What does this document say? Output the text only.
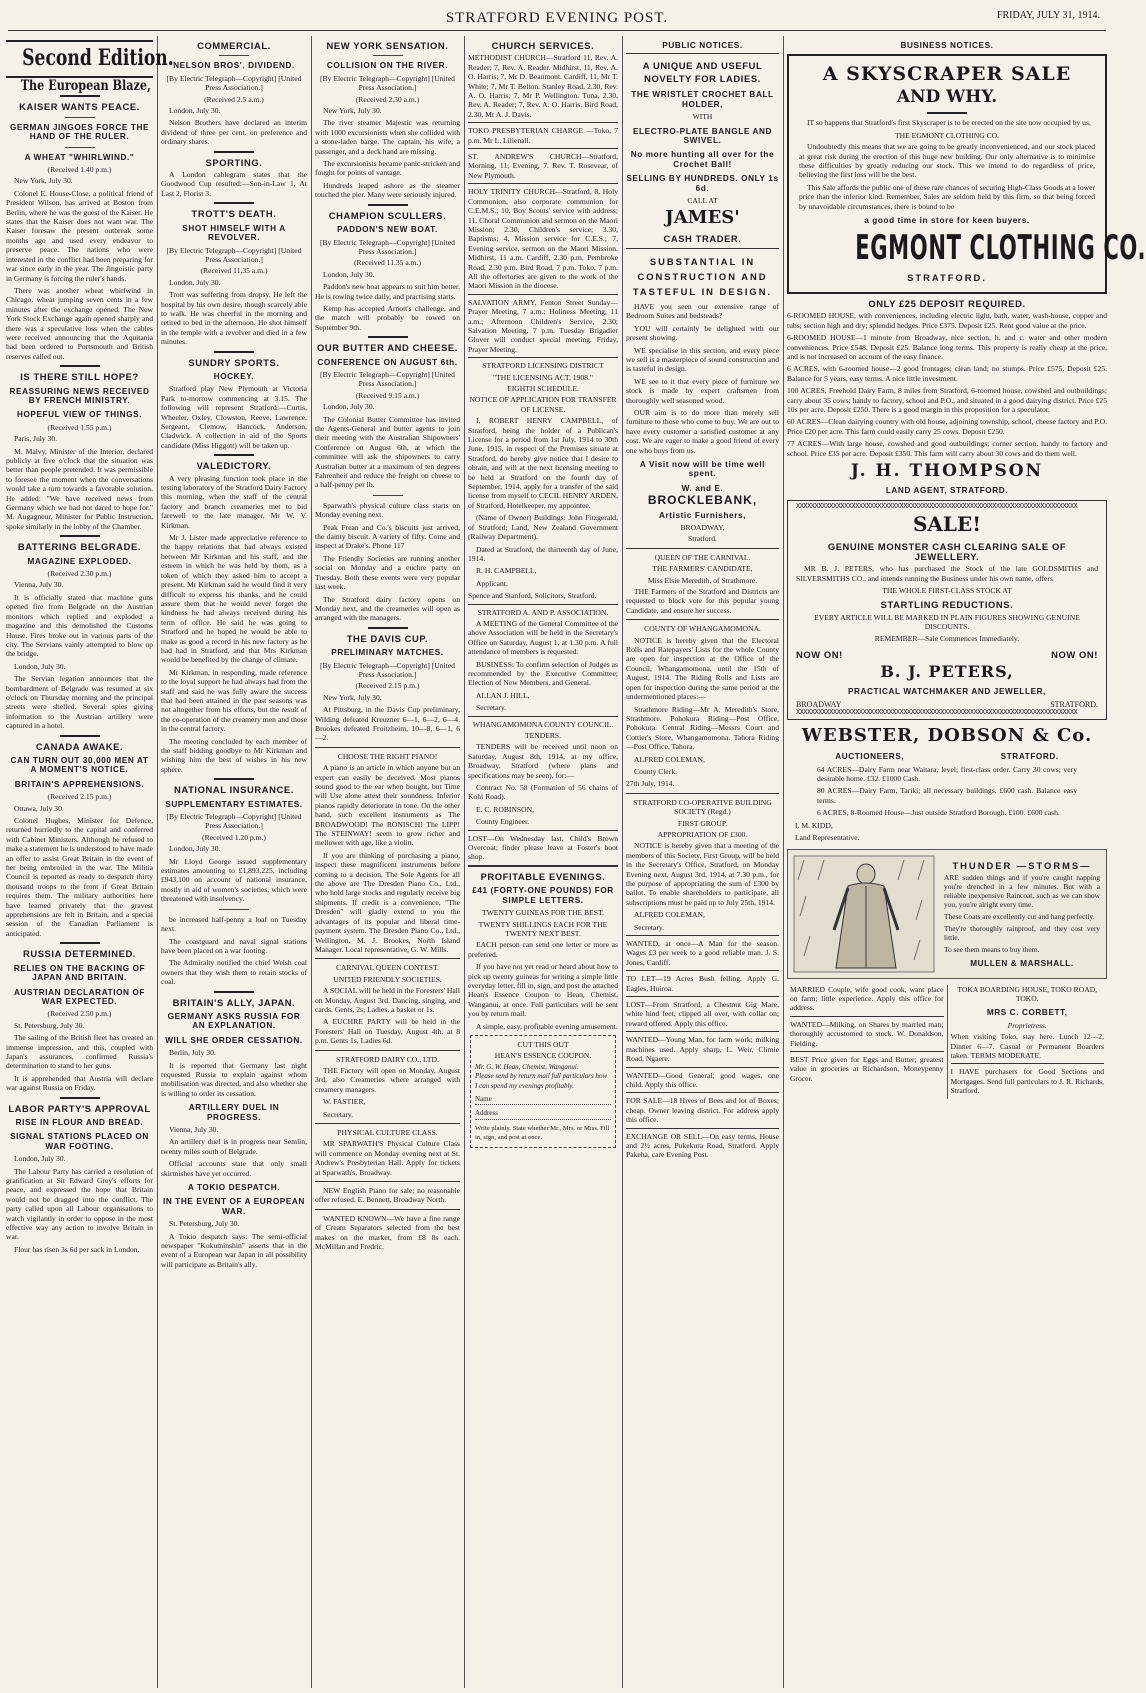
STRATFORD EVENING POST.	FRIDAY, JULY 31, 1914.
Second Edition.
The European Blaze,
KAISER WANTS PEACE.
GERMAN JINGOES FORCE THE HAND OF THE RULER.
A WHEAT "WHIRLWIND."
(Received 1.40 p.m.)

New York, July 30.

Colonel E. House-Close, a political friend of President Wilson, has arrived at Boston from Berlin, where he was the guest of the Kaiser. He states that the Kaiser does not want war. The Kaiser foresaw the present outbreak some months ago and used every endeavor to preserve peace. The nations who were interested in the conflict had been preparing for war since early in the year. The Jingoistic party in Germany is forcing the ruler's hands.

There was another wheat whirlwind in Chicago, wheat jumping seven cents in a few minutes after the exchange opened. The New York Stock Exchange again opened sharply and there was a speculative loss when the cables were received announcing that the Aquitania had been ordered to Portsmouth and British reserves called out.

IS THERE STILL HOPE?
REASSURING NEWS RECEIVED BY FRENCH MINISTRY.
HOPEFUL VIEW OF THINGS.
(Received 1.55 p.m.)

Paris, July 30.

M. Malvy, Minister of the Interior, declared publicly at five o'clock that the situation was better than people pretended. It was permissible to foresee the moment when the conversations would take a turn towards a favorable solution. He added: "We have received news from Germany which we had not dared to hope for." M. Augagneur, Minister for Public Instruction, spoke similarly in the lobby of the Chamber.

BATTERING BELGRADE.
MAGAZINE EXPLODED.
(Received 2.30 p.m.)

Vienna, July 30.

It is officially stated that machine guns opened fire from Belgrade on the Austrian monitors which replied and exploded a magazine and this demolished the Customs House. Fires broke out in various parts of the city. The Servians vainly attempted to blow up the bridge.

London, July 30.

The Servian legation announces that the bombardment of Belgrade was resumed at six o'clock on Thursday morning and the principal streets were shelled. Several spies giving information to the Austrian artillery were captured in a hotel.

CANADA AWAKE.
CAN TURN OUT 30,000 MEN AT A MOMENT'S NOTICE.
BRITAIN'S APPREHENSIONS.
(Received 2.15 p.m.)

Ottawa, July 30.

Colonel Hughes, Minister for Defence, returned hurriedly to the capital and conferred with Cabinet Ministers. Although he refused to make a statement he is understood to have made an offer to assist Great Britain in the event of her being embroiled in the war. The Militia Council is reported as ready to despatch thirty thousand troops to the front if Great Britain requires them. The military authorities here have learned privately that the gravest apprehensions are felt in Britain, and a special session of the Canadian Parliament is anticipated.

RUSSIA DETERMINED.
RELIES ON THE BACKING OF JAPAN AND BRITAIN.
AUSTRIAN DECLARATION OF WAR EXPECTED.
(Received 2.50 p.m.)

St. Petersburg, July 30.

The sailing of the British fleet has created an immense impression, and this, coupled with Japan's assurances, confirmed Russia's determination to stand to her guns.

It is apprehended that Austria will declare war against Russia on Friday.

LABOR PARTY'S APPROVAL
RISE IN FLOUR AND BREAD.
SIGNAL STATIONS PLACED ON WAR FOOTING.

London, July 30.

The Labour Party has carried a resolution of gratification at Sir Edward Grey's efforts for peace, and expressed the hope that Britain would not be dragged into the conflict. The party called upon all Labour organisations to watch vigilantly in order to oppose in the most effective way any action to involve Britain in war.

Flour has risen 3s 6d per sack in London.

COMMERCIAL.
NELSON BROS'. DIVIDEND.
[By Electric Telegraph—Copyright] [United Press Association.]
(Received 2.5 a.m.)

London, July 30.

Nelson Brothers have declared an interim dividend of three per cent. on preference and ordinary shares.

SPORTING.

A London cablegram states that the Goodwood Cup resulted:—Son-in-Law 1, At Last 2, Florist 3.

TROTT'S DEATH.
SHOT HIMSELF WITH A REVOLVER.
[By Electric Telegraph—Copyright] [United Press Association.]
(Received 11.35 a.m.)

London, July 30.

Trott was suffering from dropsy. He left the hospital by his own desire, though scarcely able to walk. He was cheerful in the morning and retired to bed in the afternoon. He shot himself in the temple with a revolver and died in a few minutes.

SUNDRY SPORTS.
HOCKEY.

Stratford play New Plymouth at Victoria Park to-morrow commencing at 3.15. The following will represent Stratford:—Curtis, Wheeler, Oxley, Clowston, Reeve, Lawrence, Sergeant, Clemow, Hancock, Anderson, Cladwick. A collection in aid of the Sports candidate (Miss Higgott) will be taken up.

VALEDICTORY.

A very pleasing function took place in the testing laboratory of the Stratford Dairy Factory this morning, when the staff of the central factory and branch creameries met to bid farewell to the late manager, Mr W. V. Kirkman.

Mr J. Lister made appreciative reference to the happy relations that had always existed between Mr Kirkman and his staff, and the esteem in which he was held by them, as a token of which they asked him to accept a present. Mr Kirkman said he would find it very difficult to express his thanks, and he could assure them that he would never forget the kindness he had always received during his term of office. He said he was going to Stratford and he hoped he would be able to make as good a record in his new factory as he had had in Stratford, and that Mrs Kirkman would be benefited by the change of climate.

Mr Kirkman, in responding, made reference to the loyal support he had always had from the staff and said he was fully aware the success that had been attained in the past seasons was not altogether from his efforts, but the result of the co-operation of the creamery men and those in the central factory.

The meeting concluded by each member of the staff bidding goodbye to Mr Kirkman and wishing him the best of wishes in his new sphere.

NATIONAL INSURANCE.
SUPPLEMENTARY ESTIMATES.
[By Electric Telegraph—Copyright] [United Press Association.]
(Received 1.20 p.m.)

London, July 30.

Mr Lloyd George issued supplementary estimates amounting to £1,893,225, including £943,100 on account of national insurance, mostly in aid of women's societies, which were threatened with insolvency.

be increased half-penny a loaf on Tuesday next.

The coastguard and naval signal stations have been placed on a war footing.

The Admiralty notified the chief Welsh coal owners that they wish them to retain stocks of coal.

BRITAIN'S ALLY, JAPAN.
GERMANY ASKS RUSSIA FOR AN EXPLANATION.
WILL SHE ORDER CESSATION.

Berlin, July 30.

It is reported that Germany last night requested Russia to explain against whom mobilisation was directed, and also whether she is willing to order its cessation.

ARTILLERY DUEL IN PROGRESS.

Vienna, July 30.

An artillery duel is in progress near Semlin, twenty miles south of Belgrade.

Official accounts state that only small skirmishes have yet occurred.

A TOKIO DESPATCH.
IN THE EVENT OF A EUROPEAN WAR.

St. Petersburg, July 30.

A Tokio despatch says: The semi-official newspaper "Kokuminshin" asserts that in the event of a European war Japan in all possibility will participate as Britain's ally.

NEW YORK SENSATION.
COLLISION ON THE RIVER.
[By Electric Telegraph—Copyright] [United Press Association.]
(Received 2.30 a.m.)

New York, July 30.

The river steamer Majestic was returning with 1000 excursionists when she collided with a stone-laden barge. The captain, his wife, a passenger, and a deck hand are missing.

The excursionists became panic-stricken and fought for points of vantage.

Hundreds leaped ashore as the steamer touched the pier. Many were seriously injured.

CHAMPION SCULLERS.
PADDON'S NEW BOAT.
[By Electric Telegraph—Copyright] [United Press Association.]
(Received 11.35 a.m.)

London, July 30.

Paddon's new boat appears to suit him better. He is rowing twice daily, and practising starts.

Kemp has accepted Arnott's challenge, and the match will probably be rowed on September 9th.

OUR BUTTER AND CHEESE.
CONFERENCE ON AUGUST 6th.
[By Electric Telegraph—Copyright] [United Press Association.]
(Received 9.15 a.m.)

London, July 30.

The Colonial Butter Committee has invited the Agents-General and butter agents to join their meeting with the Australian Shipowners' Conference on August 6th, at which the committee will ask the shipowners to carry Australian butter at a maximum of ten degrees Fahrenheit and reduce the freight on cheese to a half-penny per lb.

Sparwath's physical culture class starts on Monday evening next.

Peak Frean and Co.'s biscuits just arrived, the dainty biscuit. A variety of fifty. Come and inspect at Drake's. Phone 117

The Friendly Societies are running another social on Monday and a euchre party on Tuesday. Both these events were very popular last week.

The Stratford dairy factory opens on Monday next, and the creameries will open as arranged with the managers.

THE DAVIS CUP.
PRELIMINARY MATCHES.
[By Electric Telegraph—Copyright] [United Press Association.]
(Received 2.15 p.m.)

New York, July 30.

At Pittsburg, in the Davis Cup preliminary, Wilding defeated Kreuzner 6—1, 6—2, 6—4. Brookes defeated Froitzheim, 10—8, 6—1, 6—2.

CHOOSE THE RIGHT PIANO!

A piano is an article in which anyone but an expert can easily be deceived. Most pianos sound good to the ear when bought, but Time will Use alone attest their soundness. Inferior pianos rapidly deteriorate in tone. On the other hand, such excellent instruments as The BROADWOOD! The RONISCH! The LIPP! The STEINWAY! seem to grow richer and mellower with age, like a violin.

If you are thinking of purchasing a piano, inspect these magnificent instruments before coming to a decision. The Sole Agents for all the above are The Dresden Piano Co., Ltd., who hold large stocks and regularly receive big shipments. If credit is a convenience, "The Dresden" will gladly extend to you the advantages of its popular and liberal time-payment system. The Dresden Piano Co., Ltd., Wellington, M. J. Brookes, North Island Manager. Local representative, G. W. Mills.

CARNIVAL QUEEN CONTEST.
UNITED FRIENDLY SOCIETIES.

A SOCIAL will be held in the Foresters' Hall on Monday, August 3rd. Dancing, singing, and cards. Gents, 2s; Ladies, a basket or 1s.

A EUCHRE PARTY will be held in the Foresters' Hall on Tuesday, August 4th, at 8 p.m. Gents 1s, Ladies 6d.

STRATFORD DAIRY CO., LTD.

THE Factory will open on Monday, August 3rd, also Creameries where arranged with creamery managers.

W. FASTIER,

Secretary.

PHYSICAL CULTURE CLASS.

MR SPARWATH'S Physical Culture Class will commence on Monday evening next at St. Andrew's Presbyterian Hall. Apply for tickets at Sparwath's, Broadway.

NEW English Piano for sale; no reasonable offer refused. E. Bennett, Broadway North.

WANTED KNOWN—We have a fine range of Cream Separators selected from the best makes on the market, from £8 8s each. McMillan and Fredric.

CHURCH SERVICES.

METHODIST CHURCH—Stratford 11, Rev. A. Reader; 7, Rev. A. Reader. Midhirst, 11, Rev. A. O. Harris; 7, Mr D. Beaumont. Cardiff, 11, Mr T. White; 7, Mr T. Belton. Stanley Road, 2.30, Rev. A. O. Harris; 7, Mr P. Wellington. Tuna, 2.30, Rev. A. Reader; 7, Rev. A. O. Harris. Bird Road, 2.30, Mr A. J. Davis.

TOKO PRESBYTERIAN CHARGE —Toko, 7 p.m. Mr L. Lilienall.

ST. ANDREW'S CHURCH—Stratford, Morning, 11; Evening, 7. Rev. T. Rosevear, of New Plymouth.

HOLY TRINITY CHURCH—Stratford, 8, Holy Communion, also corporate communion for C.E.M.S.; 10, Boy Scouts' service with address; 11, Choral Communion and sermon on the Maori Mission; 2.30, Children's service; 3.30, Baptisms; 4, Mission service for C.E.S.; 7, Evening service, sermon on the Maori Mission. Midhirst, 11 a.m. Cardiff, 2.30 p.m. Pembroke Road, 2.30 p.m. Bird Road, 7 p.m. Toko, 7 p.m. All the offertories are given to the work of the Maori Mission in the diocese.

SALVATION ARMY, Fenton Street Sunday—Prayer Meeting, 7 a.m.; Holiness Meeting, 11 a.m.; Afternoon Children's Service, 2.30; Salvation Meeting, 7 p.m. Tuesday Brigadier Glover will conduct special meeting. Friday, Prayer Meeting.

STRATFORD LICENSING DISTRICT
"THE LICENSING ACT, 1908."
EIGHTH SCHEDULE.
NOTICE OF APPLICATION FOR TRANSFER OF LICENSE.

I, ROBERT HENRY CAMPBELL, of Stratford, being the holder of a Publican's License for a period from 1st July, 1914 to 30th June, 1915, in respect of the Premises situate at Stratford, do hereby give notice that I desire to obtain, and will at the next licensing meeting to be held at Stratford on the fourth day of September, 1914, apply for a transfer of the said license from myself to CECIL HENRY ARDEN, of Stratford, Hotelkeeper, my appointee.

(Name of Owner) Buildings: John Fitzgerald, of Stratford; Land, New Zealand Government (Railway Department).

Dated at Stratford, the thirteenth day of June, 1914.

R. H. CAMPBELL,

Applicant.

Spence and Stanford, Solicitors, Stratford.

STRATFORD A. AND P. ASSOCIATION.

A MEETING of the General Committee of the above Association will be held in the Secretary's Office on Saturday, August 1, at 1.30 p.m. A full attendance of members is requested.

BUSINESS: To confirm selection of Judges as recommended by the Executive Committee; Election of New Members, and General.

ALLAN J. HILL,

Secretary.

WHANGAMOMONA COUNTY COUNCIL.
TENDERS.

TENDERS will be received until noon on Saturday, August 8th, 1914, at my office, Broadway, Stratford (where plans and specifications may be seen), for:—

Contract No. 58 (Formation of 56 chains of Kohi Road).

E. C. ROBINSON,

County Engineer.

LOST—On Wednesday last, Child's Brown Overcoat; finder please leave at Foster's boot shop.

PROFITABLE EVENINGS.
£41 (FORTY-ONE POUNDS) FOR SIMPLE LETTERS.
TWENTY GUINEAS FOR THE BEST.
TWENTY SHILLINGS EACH FOR THE TWENTY NEXT BEST.

EACH person can send one letter or more as preferred.

If you have not yet read or heard about how to pick up twenty guineas for writing a simple little everyday letter, fill in, sign, and post the attached Hean's Essence Coupon to Hean, Chemist, Wanganui, at once. Full particulars will be sent you by return mail.

A simple, easy, profitable evening amusement.

CUT THIS OUT
HEAN'S ESSENCE COUPON.
Mr. G. W. Hean, Chemist, Wanganui.
Please send by return mail full particulars how I can spend my evenings profitably.
Name
Address
Write plainly. State whether Mr., Mrs. or Miss. Fill in, sign, and post at once.
PUBLIC NOTICES.
A UNIQUE AND USEFUL NOVELTY FOR LADIES.
THE WRISTLET CROCHET BALL HOLDER,
WITH
ELECTRO-PLATE BANGLE AND SWIVEL.
No more hunting all over for the Crochet Ball!
SELLING BY HUNDREDS. ONLY 1s 6d.
CALL AT
JAMES'
CASH TRADER.
SUBSTANTIAL IN CONSTRUCTION AND TASTEFUL IN DESIGN.

HAVE you seen our extensive range of Bedroom Suites and bedsteads?

YOU will certainly be delighted with our present showing.

WE specialise in this section, and every piece we sell is a masterpiece of sound construction and is tasteful in design.

WE see to it that every piece of furniture we stock is made by expert craftsmen from thoroughly well seasoned wood.

OUR aim is to do more than merely sell furniture to those who come to buy. We are out to have every customer a satisfied customer at any cost. We are eager to make a good friend of every one who buys from us.

A Visit now will be time well spent.
W. and E.
BROCKLEBANK,
Artistic Furnishers,
BROADWAY,
Stratford.
QUEEN OF THE CARNIVAL.
THE FARMERS' CANDIDATE,
Miss Elsie Meredith, of Strathmore.

THE Farmers of the Stratford and Districts are requested to block vote for this popular young Candidate, and ensure her success.

COUNTY OF WHANGAMOMONA.

NOTICE is hereby given that the Electoral Rolls and Ratepayers' Lists for the whole County are open for inspection at the Office of the Council, Whangamomona, until the 15th of August, 1914. The Riding Rolls and Lists are open for inspection during the same period at the undermentioned places:—

Strathmore Riding—Mr A. Meredith's Store, Strathmore. Pohokura Riding—Post Office, Pohokura. Central Riding—Messrs Court and Cottier's Store, Whangamomona. Tahora Riding—Post Office, Tahora.

ALFRED COLEMAN,

County Clerk.

27th July, 1914.

STRATFORD CO-OPERATIVE BUILDING SOCIETY (Regd.)
FIRST GROUP.
APPROPRIATION OF £300.

NOTICE is hereby given that a meeting of the members of this Society, First Group, will be held in the Secretary's Office, Stratford, on Monday Evening next, August 3rd, 1914, at 7.30 p.m., for the purpose of appropriating the sum of £300 by ballot. To enable shareholders to participate, all subscriptions must be paid up to July 25th, 1914.

ALFRED COLEMAN,

Secretary.

WANTED, at once—A Man for the season. Wages £3 per week to a good reliable man. J. S. Jones, Cardiff.

TO LET—19 Acres Bush felling. Apply G. Eagles, Huiroa.

LOST—From Stratford, a Chestnut Gig Mare, white hind feet, clipped all over, with collar on; reward offered. Apply this office.

WANTED—Young Man, for farm work; milking machines used. Apply sharp, L. Weir, Climie Road, Ngaere.

WANTED—Good General; good wages, one child. Apply this office.

FOR SALE—18 Hives of Bees and lot of Boxes; cheap. Owner leaving district. For address apply this office.

EXCHANGE OR SELL—On easy terms, House and 2½ acres, Pukekura Road, Stratford. Apply Pakeha, care Evening Post.

BUSINESS NOTICES.
A SKYSCRAPER SALE
AND WHY.

IT so happens that Stratford's first Skyscraper is to be erected on the site now occupied by us,

THE EGMONT CLOTHING CO.

Undoubtedly this means that we are going to be greatly inconvenienced, and our stock placed at great risk during the erection of this huge new building. Our only alternative is to minimise these difficulties by greatly reducing our stock. This we intend to do regardless of price, believing the first loss will be the best.

This Sale affords the public one of those rare chances of securing High-Class Goods at a lower price than the inferior kind. Remember, Sales are seldom held by this firm, so that being forced by unavoidable circumstances, there is bound to be

a good time in store for keen buyers.
EGMONT CLOTHING CO.
STRATFORD.
ONLY £25 DEPOSIT REQUIRED.

6-ROOMED HOUSE, with conveniences, including electric light, bath, water, wash-house, copper and tubs; section high and dry; splendid hedges. Price £375. Deposit £25. Rent good value at the price.

6-ROOMED HOUSE—1 minute from Broadway, nice section, h. and c. water and other modern conveniences. Price £548. Deposit £25. Balance long terms. This property is really cheap at the price, and is not increased on account of the easy finance.

6 ACRES, with 6-roomed house—2 good frontages; clean land; no stumps. Price £575. Deposit £25. Balance for 5 years, easy terms. A nice little investment.

100 ACRES, Freehold Dairy Farm, 8 miles from Stratford, 6-roomed house, cowshed and outbuildings; carry about 35 cows; handy to factory, school and P.O., and situated in a good dairying district. Price £25 10s per acre. Deposit £250. There is a good margin in this proposition for a speculator.

60 ACRES—Clean dairying country with old house, adjoining township, school, cheese factory and P.O. Price £20 per acre. This farm could easily carry 25 cows. Deposit £250.

77 ACRES—With large house, cowshed and good outbuildings; corner section, handy to factory and school. Price £35 per acre. Deposit £350. This farm will carry about 30 cows and do them well.

J. H. THOMPSON
LAND AGENT, STRATFORD.
XXXXXXXXXXXXXXXXXXXXXXXXXXXXXXXXXXXXXXXXXXXXXXXXXXXXXXXXXXXXXXXXXXXXXXXXXXXX
SALE!
GENUINE MONSTER CASH CLEARING SALE OF JEWELLERY.

MR B. J. PETERS, who has purchased the Stock of the late GOLDSMITHS and SILVERSMITHS CO., and intends running the Business under his own name, offers

THE WHOLE FIRST-CLASS STOCK AT
STARTLING REDUCTIONS.
EVERY ARTICLE WILL BE MARKED IN PLAIN FIGURES SHOWING GENUINE DISCOUNTS.
REMEMBER—Sale Commences Immediately.
NOW ON!	NOW ON!
B. J. PETERS,
PRACTICAL WATCHMAKER AND JEWELLER,
BROADWAY	STRATFORD.
XXXXXXXXXXXXXXXXXXXXXXXXXXXXXXXXXXXXXXXXXXXXXXXXXXXXXXXXXXXXXXXXXXXXXXXXXXXX
WEBSTER, DOBSON & Co.
AUCTIONEERS,	STRATFORD.

64 ACRES—Dairy Farm near Waitara; level; first-class order. Carry 30 cows; very desirable home. £32. £1000 Cash.

80 ACRES—Dairy Farm, Tariki; all necessary buildings. £600 cash. Balance easy terms.

6 ACRES, 8-Roomed House—Just outside Stratford Borough. £100. £600 cash.

I. M. KIDD,

Land Representative.

THUNDER —STORMS—

ARE sudden things and if you're caught napping you're drenched in a few minutes. But with a reliable inexpensive Raincoat, such as we can show you, you're alright every time.

These Coats are excellently cut and hang perfectly.

They're thoroughly rainproof, and they cost very little.

To see them means to buy them.

MULLEN & MARSHALL.

MARRIED Couple, wife good cook, want place on farm; little experience. Apply this office for address.

WANTED—Milking, on Shares by married man; thoroughly accustomed to stock. W. Donaldson, Fielding.

BEST Price given for Eggs and Butter; greatest value in groceries at Richardson, Moneypenny Grocer.

TOKA BOARDING HOUSE, TOKO ROAD, TOKO.
MRS C. CORBETT,
Proprietress.

When visiting Toko, stay here. Lunch 12—2, Dinner 6—7. Casual or Permanent Boarders taken. TERMS MODERATE.

I HAVE purchasers for Good Sections and Mortgages. Send full particulars to J. R. Richards, Stratford.
